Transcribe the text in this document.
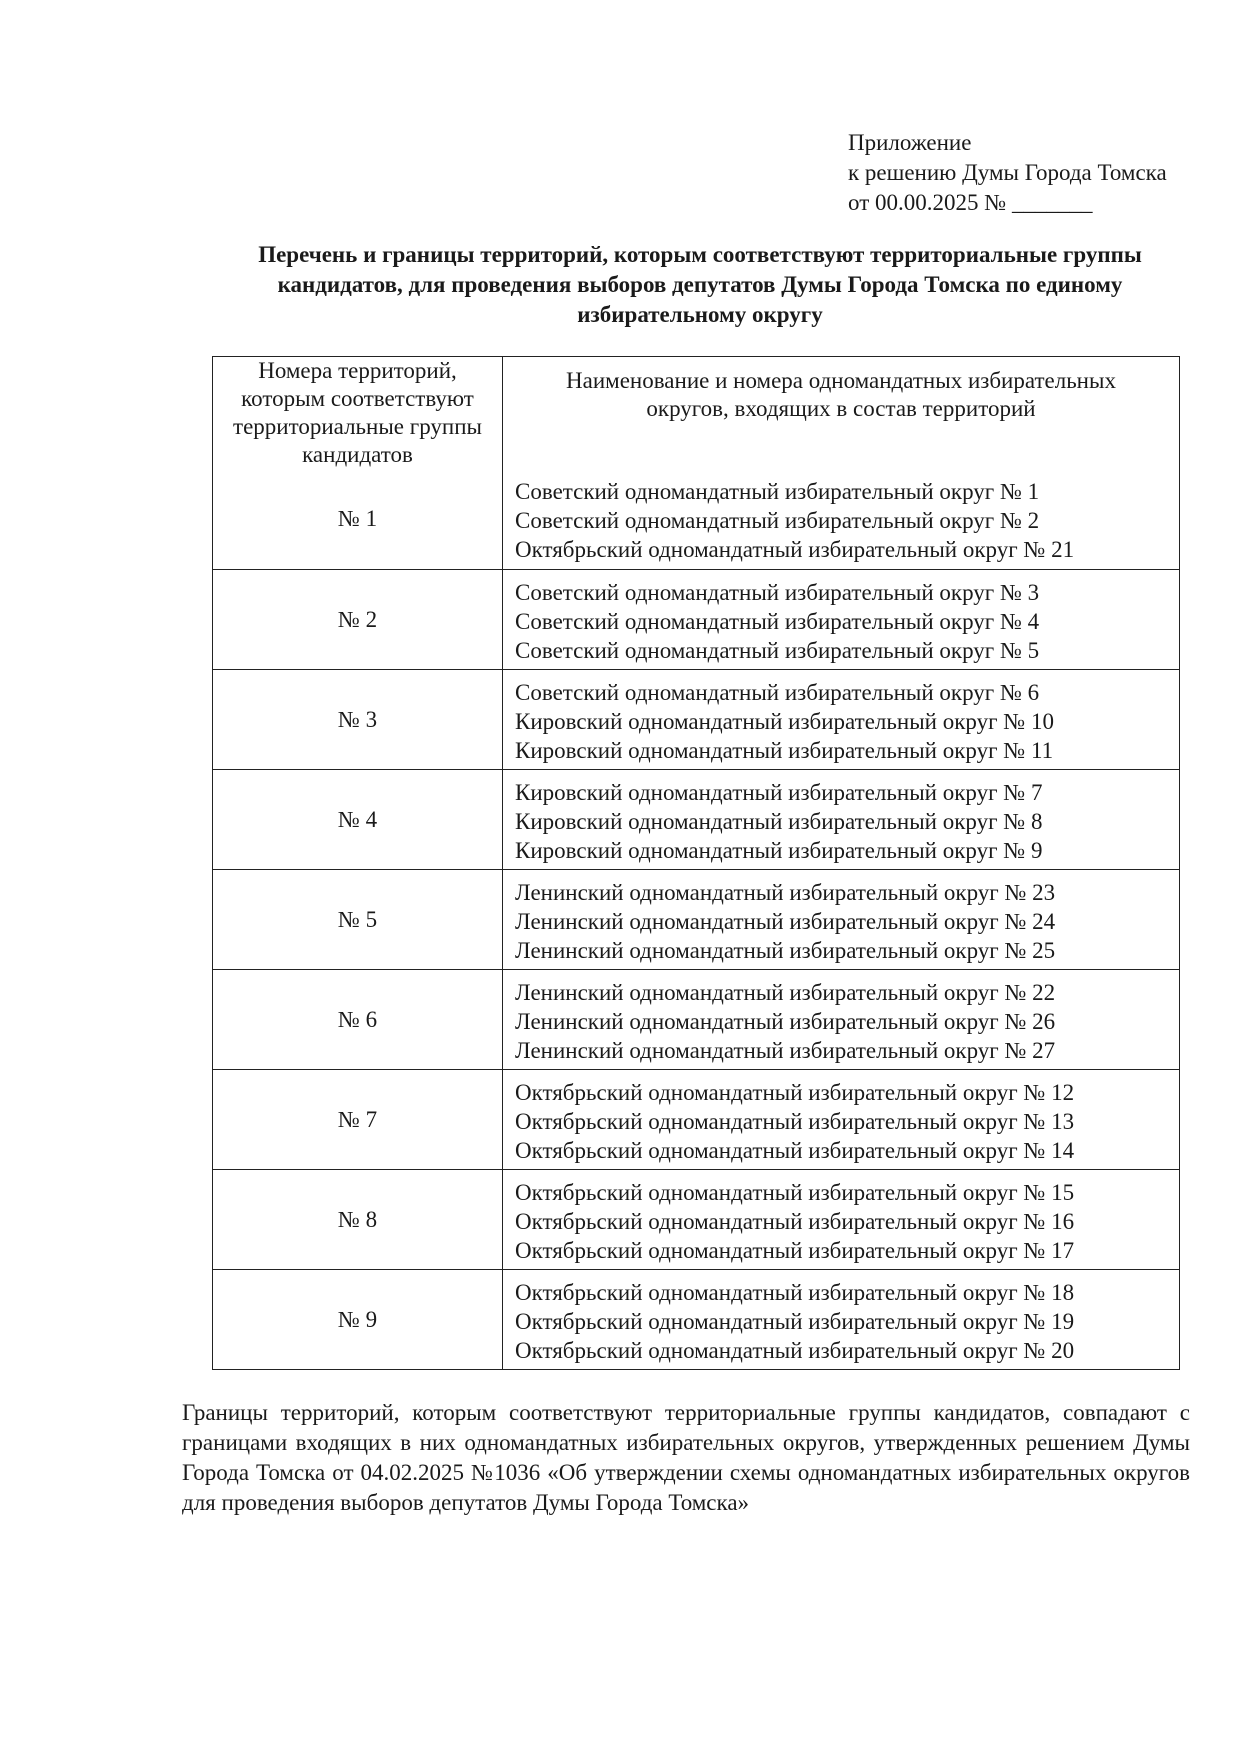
Приложение
к решению Думы Города Томска
от 00.00.2025 № _______
Перечень и границы территорий, которым соответствуют территориальные группы кандидатов, для проведения выборов депутатов Думы Города Томска по единому избирательному округу
Номера территорий, которым соответствуют территориальные группы кандидатов
Наименование и номера одномандатных избирательных округов, входящих в состав территорий
№ 1
Советский одномандатный избирательный округ № 1
Советский одномандатный избирательный округ № 2
Октябрьский одномандатный избирательный округ № 21
№ 2
Советский одномандатный избирательный округ № 3
Советский одномандатный избирательный округ № 4
Советский одномандатный избирательный округ № 5
№ 3
Советский одномандатный избирательный округ № 6
Кировский одномандатный избирательный округ № 10
Кировский одномандатный избирательный округ № 11
№ 4
Кировский одномандатный избирательный округ № 7
Кировский одномандатный избирательный округ № 8
Кировский одномандатный избирательный округ № 9
№ 5
Ленинский одномандатный избирательный округ № 23
Ленинский одномандатный избирательный округ № 24
Ленинский одномандатный избирательный округ № 25
№ 6
Ленинский одномандатный избирательный округ № 22
Ленинский одномандатный избирательный округ № 26
Ленинский одномандатный избирательный округ № 27
№ 7
Октябрьский одномандатный избирательный округ № 12
Октябрьский одномандатный избирательный округ № 13
Октябрьский одномандатный избирательный округ № 14
№ 8
Октябрьский одномандатный избирательный округ № 15
Октябрьский одномандатный избирательный округ № 16
Октябрьский одномандатный избирательный округ № 17
№ 9
Октябрьский одномандатный избирательный округ № 18
Октябрьский одномандатный избирательный округ № 19
Октябрьский одномандатный избирательный округ № 20
Границы территорий, которым соответствуют территориальные группы кандидатов, совпадают с границами входящих в них одномандатных избирательных округов, утвержденных решением Думы Города Томска от 04.02.2025 №1036 «Об утверждении схемы одномандатных избирательных округов для проведения выборов депутатов Думы Города Томска»
